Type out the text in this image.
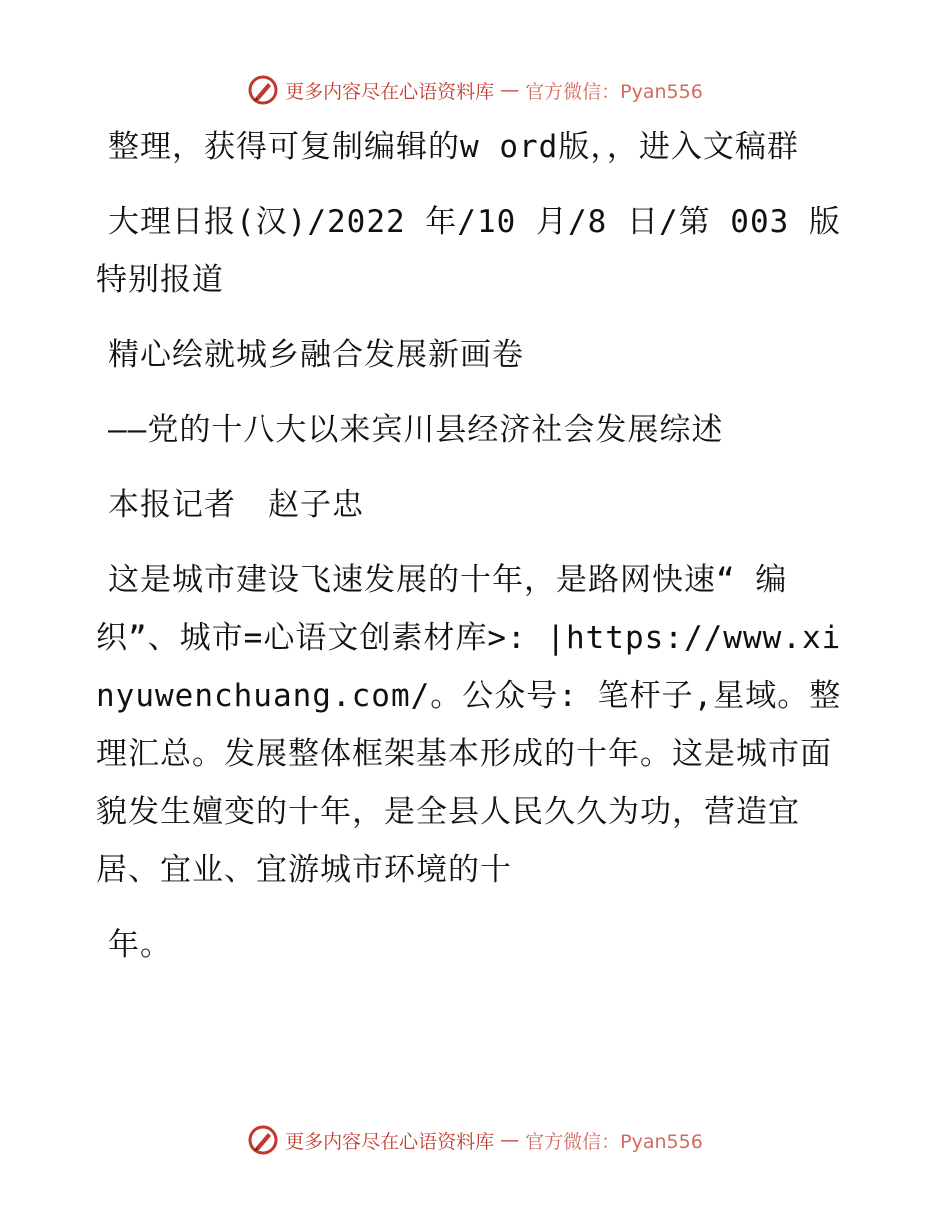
更多内容尽在心语资料库 — 官方微信：Pyan556

整理，获得可复制编辑的w ord版，，进入文稿群

大理日报(汉)/2022 年/10 月/8 日/第 003 版特别报道

精心绘就城乡融合发展新画卷

——党的十八大以来宾川县经济社会发展综述

本报记者　赵子忠

这是城市建设飞速发展的十年，是路网快速“ 编织”、城市=心语文创素材库>: |https://www.xinyuwenchuang.com/。公众号: 笔杆子,星域。整理汇总。发展整体框架基本形成的十年。这是城市面貌发生嬗变的十年，是全县人民久久为功，营造宜居、宜业、宜游城市环境的十

年。

更多内容尽在心语资料库 — 官方微信：Pyan556
